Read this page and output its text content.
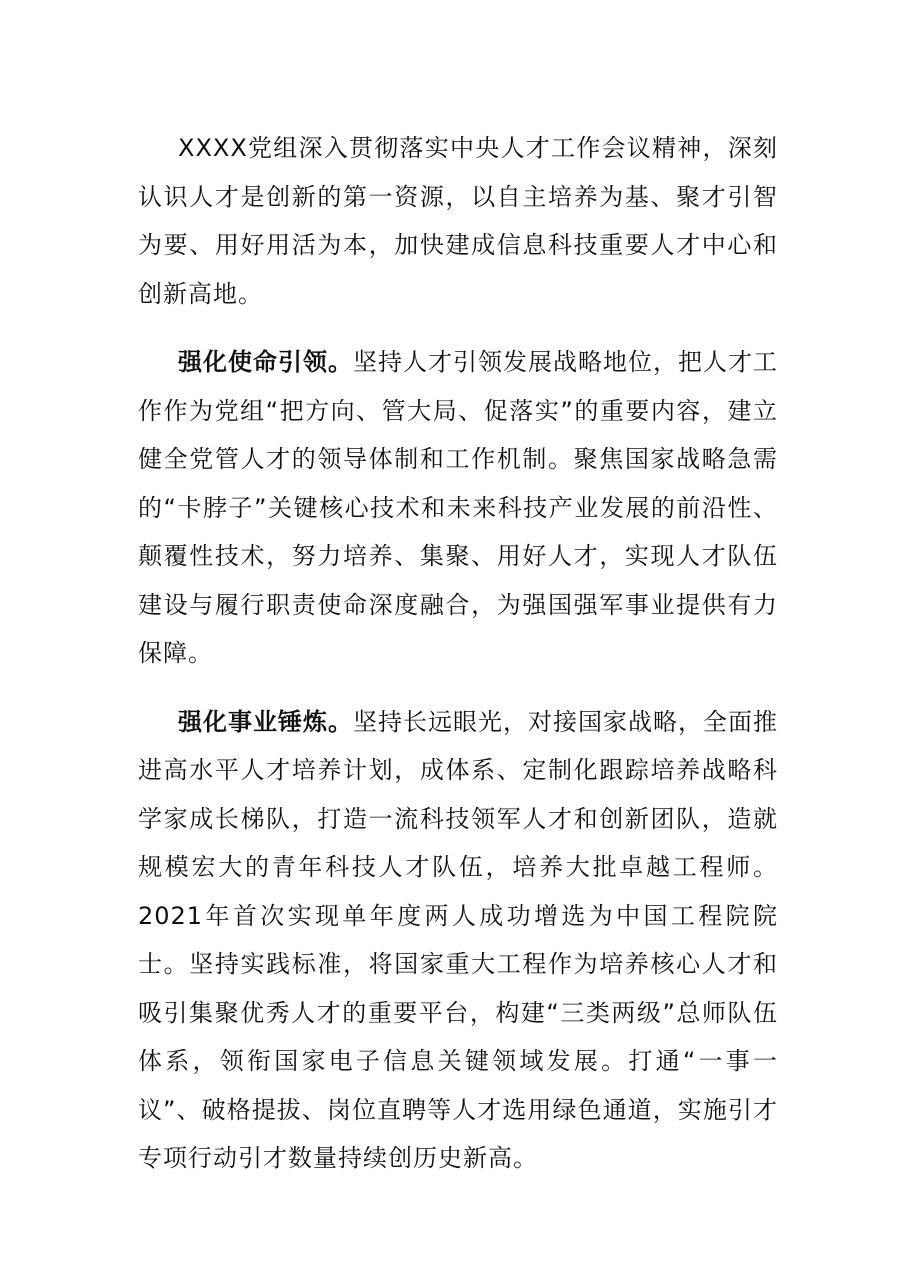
XXXX党组深入贯彻落实中央人才工作会议精神，深刻认识人才是创新的第一资源，以自主培养为基、聚才引智为要、用好用活为本，加快建成信息科技重要人才中心和创新高地。

强化使命引领。坚持人才引领发展战略地位，把人才工作作为党组“把方向、管大局、促落实”的重要内容，建立健全党管人才的领导体制和工作机制。聚焦国家战略急需的“卡脖子”关键核心技术和未来科技产业发展的前沿性、颠覆性技术，努力培养、集聚、用好人才，实现人才队伍建设与履行职责使命深度融合，为强国强军事业提供有力保障。

强化事业锤炼。坚持长远眼光，对接国家战略，全面推进高水平人才培养计划，成体系、定制化跟踪培养战略科学家成长梯队，打造一流科技领军人才和创新团队，造就规模宏大的青年科技人才队伍，培养大批卓越工程师。2021年首次实现单年度两人成功增选为中国工程院院士。坚持实践标准，将国家重大工程作为培养核心人才和吸引集聚优秀人才的重要平台，构建“三类两级”总师队伍体系，领衔国家电子信息关键领域发展。打通“一事一议”、破格提拔、岗位直聘等人才选用绿色通道，实施引才专项行动引才数量持续创历史新高。
